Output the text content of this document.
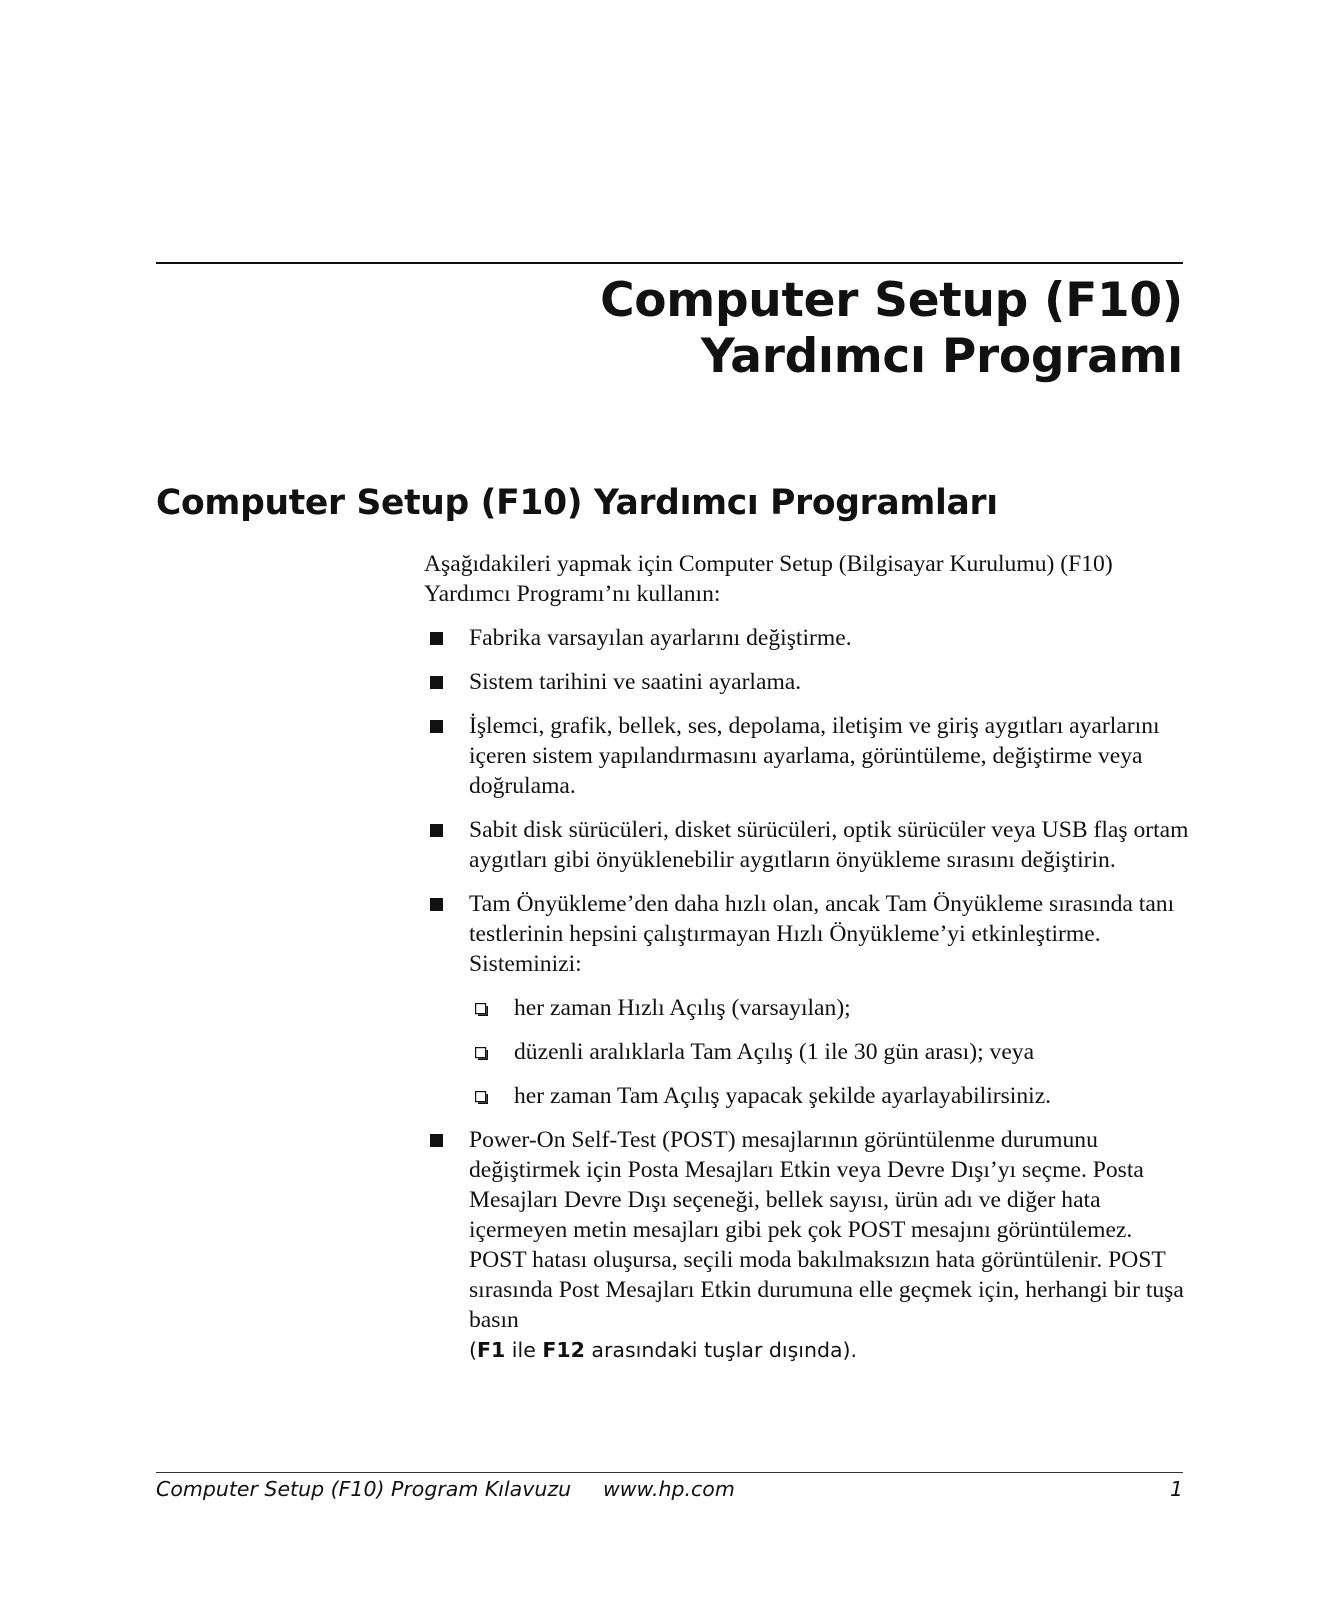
Computer Setup (F10)
Yardımcı Programı
Computer Setup (F10) Yardımcı Programları

Aşağıdakileri yapmak için Computer Setup (Bilgisayar Kurulumu) (F10) Yardımcı Programı’nı kullanın:

Fabrika varsayılan ayarlarını değiştirme.
Sistem tarihini ve saatini ayarlama.
İşlemci, grafik, bellek, ses, depolama, iletişim ve giriş aygıtları ayarlarını içeren sistem yapılandırmasını ayarlama, görüntüleme, değiştirme veya doğrulama.
Sabit disk sürücüleri, disket sürücüleri, optik sürücüler veya USB flaş ortam aygıtları gibi önyüklenebilir aygıtların önyükleme sırasını değiştirin.
Tam Önyükleme’den daha hızlı olan, ancak Tam Önyükleme sırasında tanı testlerinin hepsini çalıştırmayan Hızlı Önyükleme’yi etkinleştirme. Sisteminizi:
her zaman Hızlı Açılış (varsayılan);
düzenli aralıklarla Tam Açılış (1 ile 30 gün arası); veya
her zaman Tam Açılış yapacak şekilde ayarlayabilirsiniz.
Power-On Self-Test (POST) mesajlarının görüntülenme durumunu değiştirmek için Posta Mesajları Etkin veya Devre Dışı’yı seçme. Posta Mesajları Devre Dışı seçeneği, bellek sayısı, ürün adı ve diğer hata içermeyen metin mesajları gibi pek çok POST mesajını görüntülemez. POST hatası oluşursa, seçili moda bakılmaksızın hata görüntülenir. POST sırasında Post Mesajları Etkin durumuna elle geçmek için, herhangi bir tuşa basın
(F1 ile F12 arasındaki tuşlar dışında).
Computer Setup (F10) Program Kılavuzu www.hp.com	1
